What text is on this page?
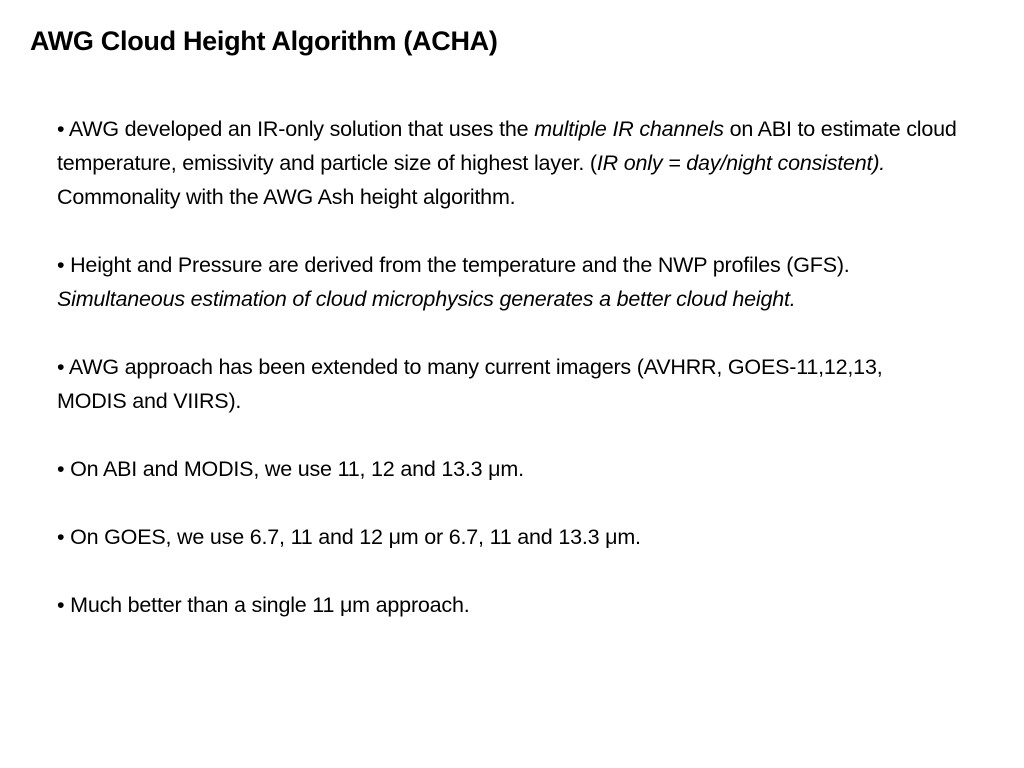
AWG Cloud Height Algorithm (ACHA)
• AWG developed an IR-only solution that uses the multiple IR channels on ABI to estimate cloud temperature, emissivity and particle size of highest layer. (IR only = day/night consistent). Commonality with the AWG Ash height algorithm.
• Height and Pressure are derived from the temperature and the NWP profiles (GFS). Simultaneous estimation of cloud microphysics generates a better cloud height.
• AWG approach has been extended to many current imagers (AVHRR, GOES-11,12,13, MODIS and VIIRS).
• On ABI and MODIS, we use 11, 12 and 13.3 μm.
• On GOES, we use 6.7, 11 and 12 μm or 6.7, 11 and 13.3 μm.
• Much better than a single 11 μm approach.
